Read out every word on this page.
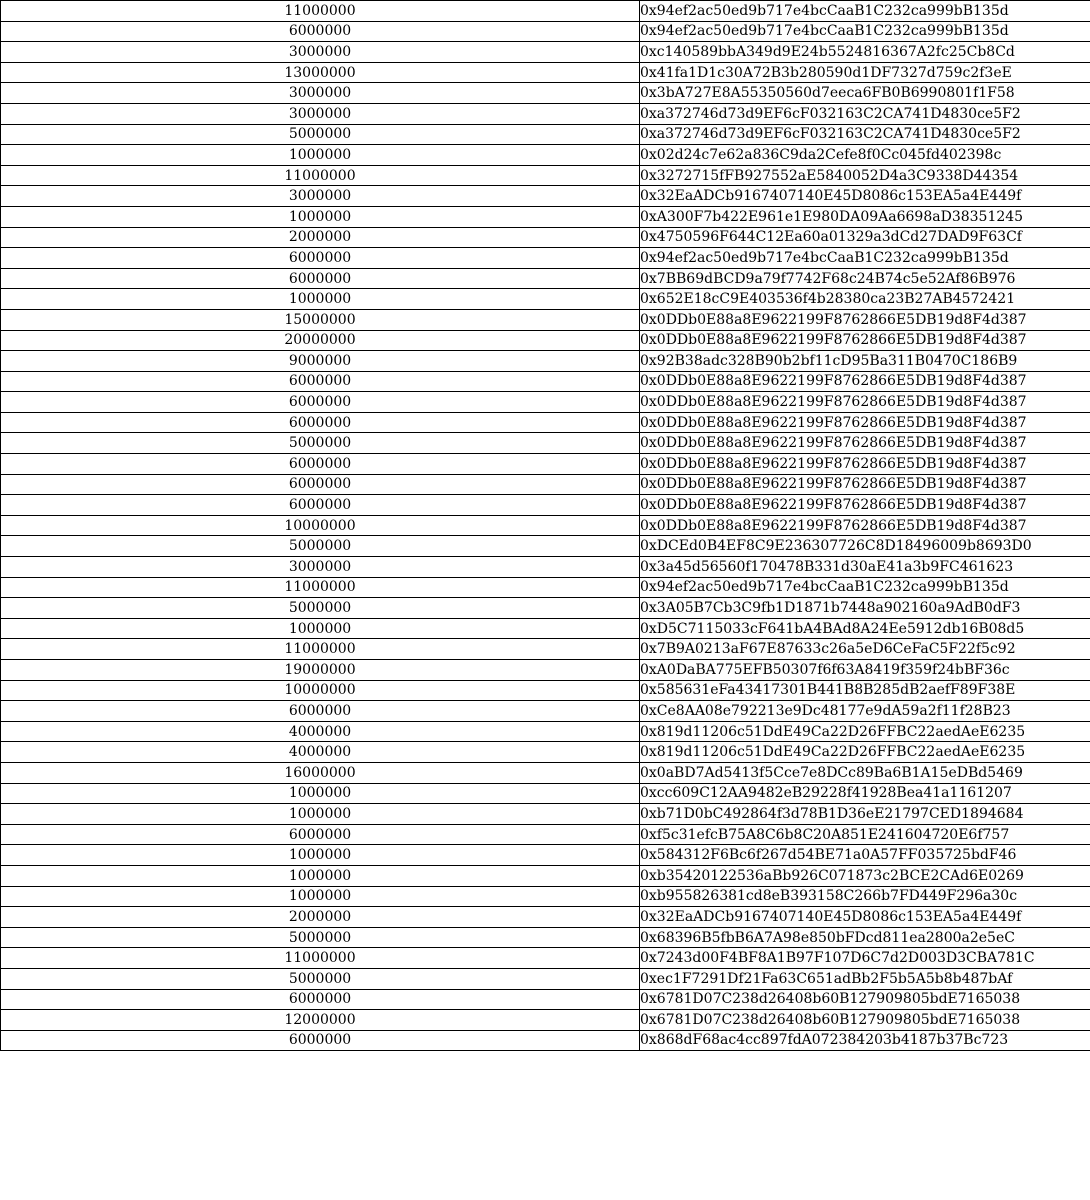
11000000	0x94ef2ac50ed9b717e4bcCaaB1C232ca999bB135d
6000000	0x94ef2ac50ed9b717e4bcCaaB1C232ca999bB135d
3000000	0xc140589bbA349d9E24b5524816367A2fc25Cb8Cd
13000000	0x41fa1D1c30A72B3b280590d1DF7327d759c2f3eE
3000000	0x3bA727E8A55350560d7eeca6FB0B6990801f1F58
3000000	0xa372746d73d9EF6cF032163C2CA741D4830ce5F2
5000000	0xa372746d73d9EF6cF032163C2CA741D4830ce5F2
1000000	0x02d24c7e62a836C9da2Cefe8f0Cc045fd402398c
11000000	0x3272715fFB927552aE5840052D4a3C9338D44354
3000000	0x32EaADCb9167407140E45D8086c153EA5a4E449f
1000000	0xA300F7b422E961e1E980DA09Aa6698aD38351245
2000000	0x4750596F644C12Ea60a01329a3dCd27DAD9F63Cf
6000000	0x94ef2ac50ed9b717e4bcCaaB1C232ca999bB135d
6000000	0x7BB69dBCD9a79f7742F68c24B74c5e52Af86B976
1000000	0x652E18cC9E403536f4b28380ca23B27AB4572421
15000000	0x0DDb0E88a8E9622199F8762866E5DB19d8F4d387
20000000	0x0DDb0E88a8E9622199F8762866E5DB19d8F4d387
9000000	0x92B38adc328B90b2bf11cD95Ba311B0470C186B9
6000000	0x0DDb0E88a8E9622199F8762866E5DB19d8F4d387
6000000	0x0DDb0E88a8E9622199F8762866E5DB19d8F4d387
6000000	0x0DDb0E88a8E9622199F8762866E5DB19d8F4d387
5000000	0x0DDb0E88a8E9622199F8762866E5DB19d8F4d387
6000000	0x0DDb0E88a8E9622199F8762866E5DB19d8F4d387
6000000	0x0DDb0E88a8E9622199F8762866E5DB19d8F4d387
6000000	0x0DDb0E88a8E9622199F8762866E5DB19d8F4d387
10000000	0x0DDb0E88a8E9622199F8762866E5DB19d8F4d387
5000000	0xDCEd0B4EF8C9E236307726C8D18496009b8693D0
3000000	0x3a45d56560f170478B331d30aE41a3b9FC461623
11000000	0x94ef2ac50ed9b717e4bcCaaB1C232ca999bB135d
5000000	0x3A05B7Cb3C9fb1D1871b7448a902160a9AdB0dF3
1000000	0xD5C7115033cF641bA4BAd8A24Ee5912db16B08d5
11000000	0x7B9A0213aF67E87633c26a5eD6CeFaC5F22f5c92
19000000	0xA0DaBA775EFB50307f6f63A8419f359f24bBF36c
10000000	0x585631eFa43417301B441B8B285dB2aefF89F38E
6000000	0xCe8AA08e792213e9Dc48177e9dA59a2f11f28B23
4000000	0x819d11206c51DdE49Ca22D26FFBC22aedAeE6235
4000000	0x819d11206c51DdE49Ca22D26FFBC22aedAeE6235
16000000	0x0aBD7Ad5413f5Cce7e8DCc89Ba6B1A15eDBd5469
1000000	0xcc609C12AA9482eB29228f41928Bea41a1161207
1000000	0xb71D0bC492864f3d78B1D36eE21797CED1894684
6000000	0xf5c31efcB75A8C6b8C20A851E241604720E6f757
1000000	0x584312F6Bc6f267d54BE71a0A57FF035725bdF46
1000000	0xb35420122536aBb926C071873c2BCE2CAd6E0269
1000000	0xb955826381cd8eB393158C266b7FD449F296a30c
2000000	0x32EaADCb9167407140E45D8086c153EA5a4E449f
5000000	0x68396B5fbB6A7A98e850bFDcd811ea2800a2e5eC
11000000	0x7243d00F4BF8A1B97F107D6C7d2D003D3CBA781C
5000000	0xec1F7291Df21Fa63C651adBb2F5b5A5b8b487bAf
6000000	0x6781D07C238d26408b60B127909805bdE7165038
12000000	0x6781D07C238d26408b60B127909805bdE7165038
6000000	0x868dF68ac4cc897fdA072384203b4187b37Bc723
